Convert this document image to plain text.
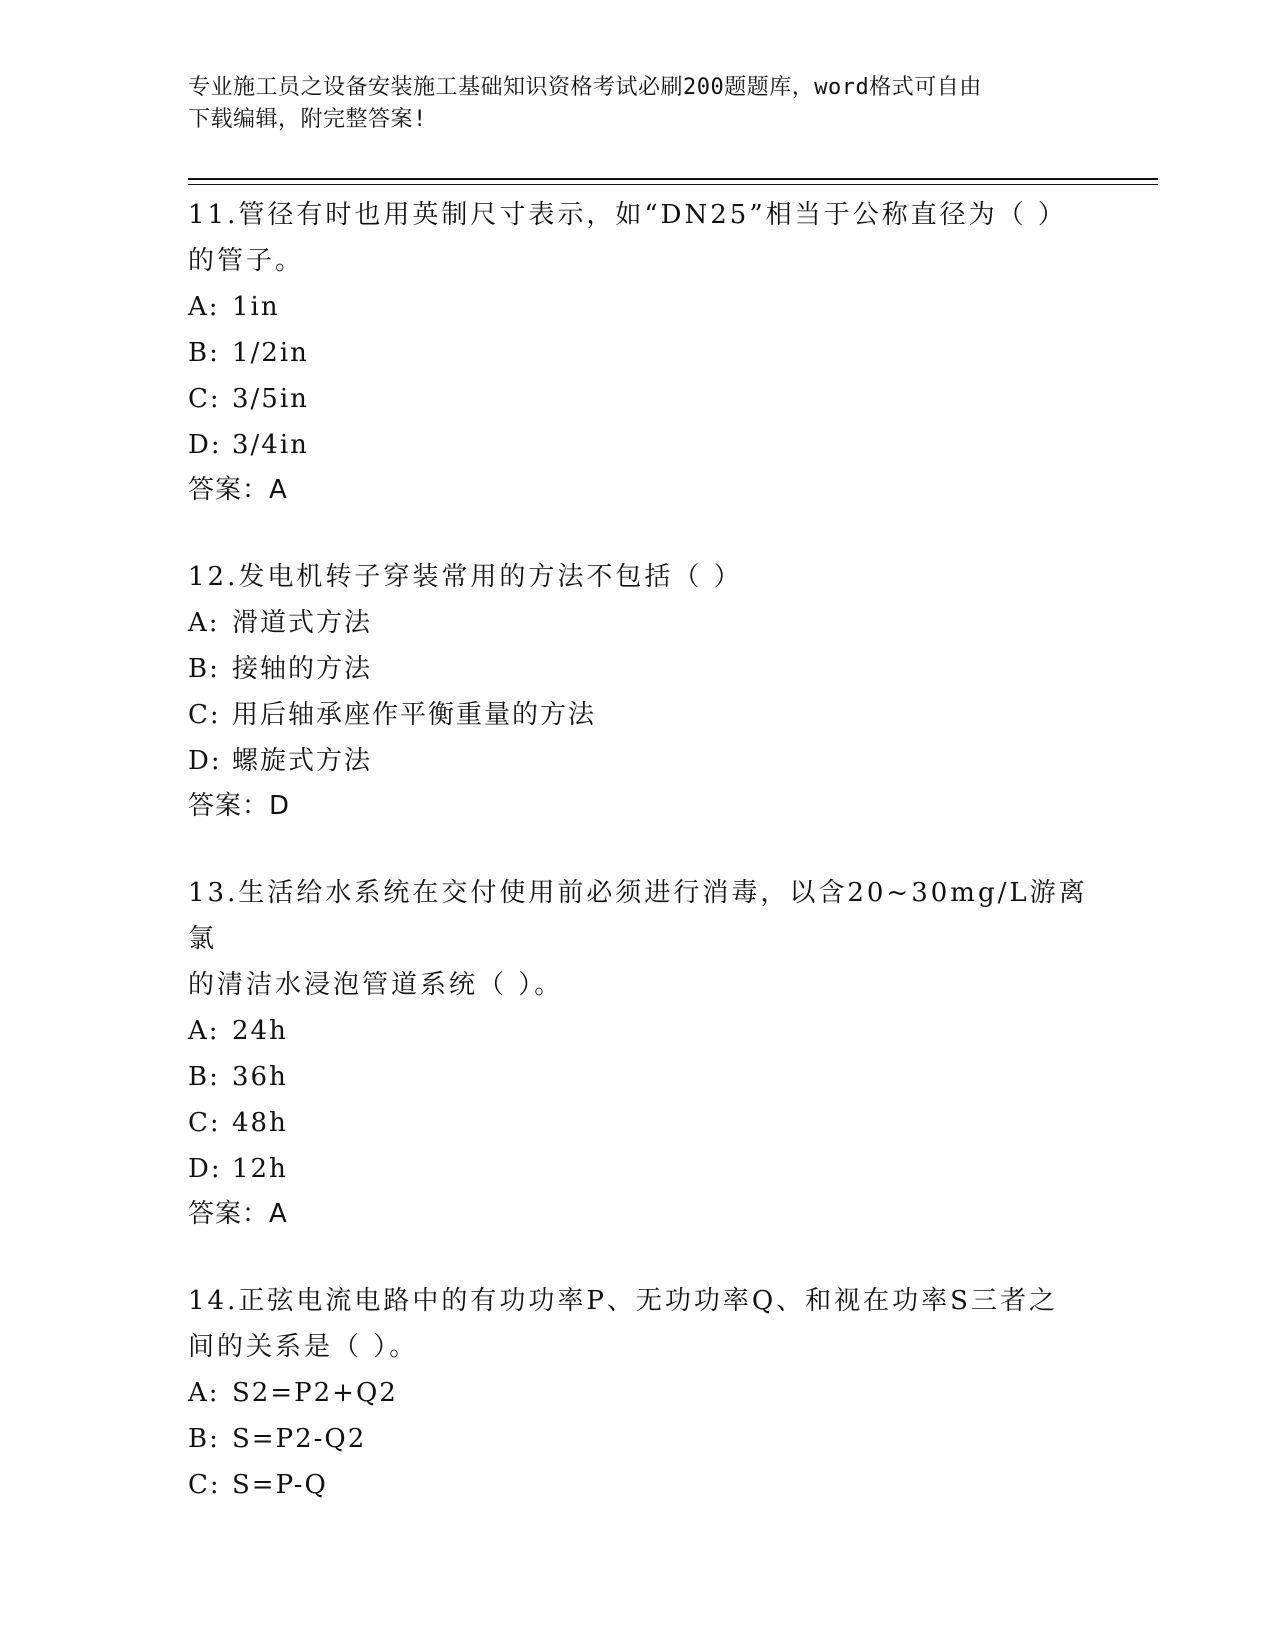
专业施工员之设备安装施工基础知识资格考试必刷200题题库，word格式可自由
下载编辑，附完整答案!

11.管径有时也用英制尺寸表示，如“DN25”相当于公称直径为（ ）
的管子。

A: 1in

B: 1/2in

C: 3/5in

D: 3/4in

答案：A

12.发电机转子穿装常用的方法不包括（ ）

A: 滑道式方法

B: 接轴的方法

C: 用后轴承座作平衡重量的方法

D: 螺旋式方法

答案：D

13.生活给水系统在交付使用前必须进行消毒，以含20~30mg/L游离氯
的清洁水浸泡管道系统（ ）。

A: 24h

B: 36h

C: 48h

D: 12h

答案：A

14.正弦电流电路中的有功功率P、无功功率Q、和视在功率S三者之
间的关系是（ ）。

A: S2=P2+Q2

B: S=P2-Q2

C: S=P-Q
